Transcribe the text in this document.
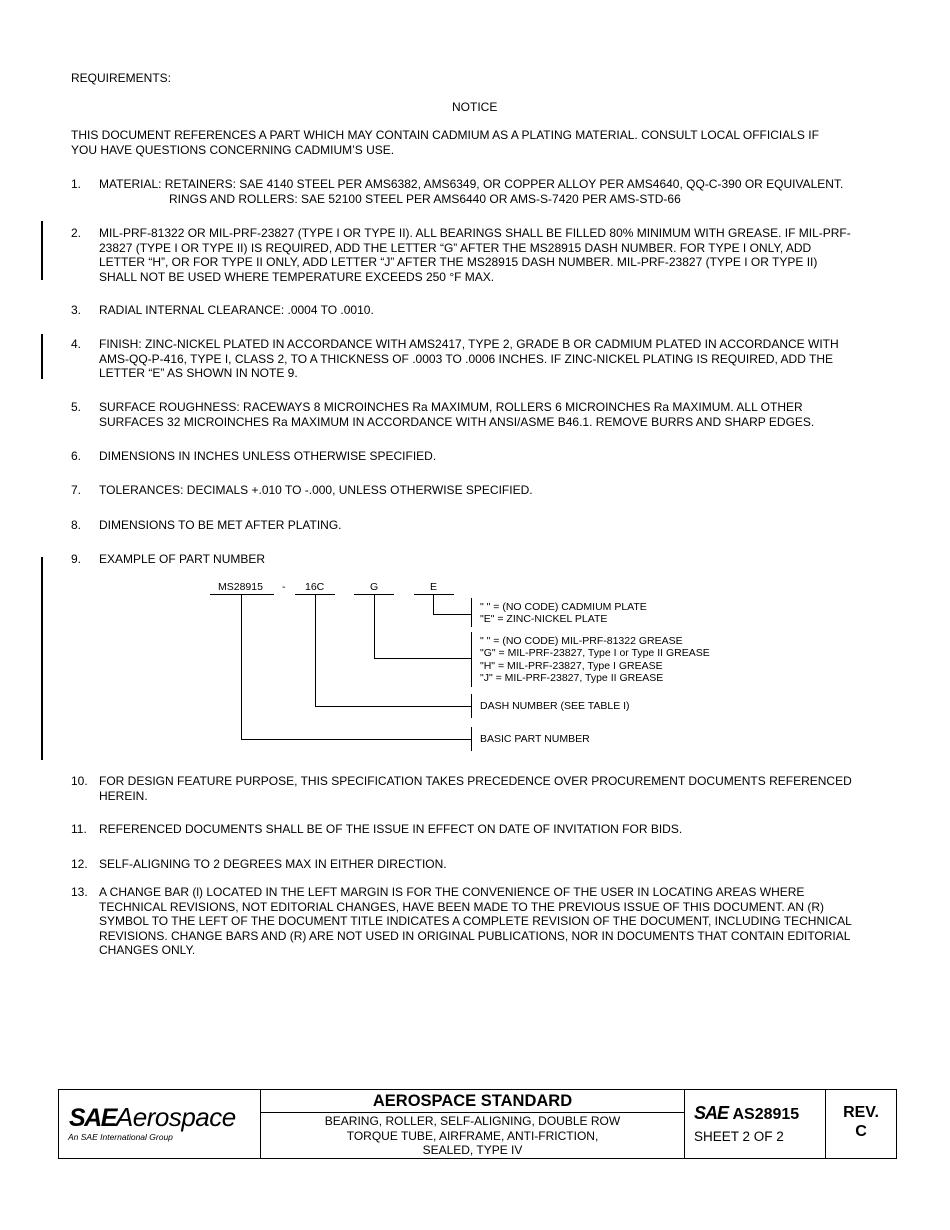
REQUIREMENTS:
NOTICE
THIS DOCUMENT REFERENCES A PART WHICH MAY CONTAIN CADMIUM AS A PLATING MATERIAL. CONSULT LOCAL OFFICIALS IF
YOU HAVE QUESTIONS CONCERNING CADMIUM’S USE.
1. MATERIAL: RETAINERS: SAE 4140 STEEL PER AMS6382, AMS6349, OR COPPER ALLOY PER AMS4640, QQ-C-390 OR EQUIVALENT.
RINGS AND ROLLERS: SAE 52100 STEEL PER AMS6440 OR AMS-S-7420 PER AMS-STD-66
2. MIL-PRF-81322 OR MIL-PRF-23827 (TYPE I OR TYPE II). ALL BEARINGS SHALL BE FILLED 80% MINIMUM WITH GREASE. IF MIL-PRF-
23827 (TYPE I OR TYPE II) IS REQUIRED, ADD THE LETTER “G” AFTER THE MS28915 DASH NUMBER. FOR TYPE I ONLY, ADD
LETTER “H”, OR FOR TYPE II ONLY, ADD LETTER “J” AFTER THE MS28915 DASH NUMBER. MIL-PRF-23827 (TYPE I OR TYPE II)
SHALL NOT BE USED WHERE TEMPERATURE EXCEEDS 250 °F MAX.
3. RADIAL INTERNAL CLEARANCE: .0004 TO .0010.
4. FINISH: ZINC-NICKEL PLATED IN ACCORDANCE WITH AMS2417, TYPE 2, GRADE B OR CADMIUM PLATED IN ACCORDANCE WITH
AMS-QQ-P-416, TYPE I, CLASS 2, TO A THICKNESS OF .0003 TO .0006 INCHES. IF ZINC-NICKEL PLATING IS REQUIRED, ADD THE
LETTER “E” AS SHOWN IN NOTE 9.
5. SURFACE ROUGHNESS: RACEWAYS 8 MICROINCHES Ra MAXIMUM, ROLLERS 6 MICROINCHES Ra MAXIMUM. ALL OTHER
SURFACES 32 MICROINCHES Ra MAXIMUM IN ACCORDANCE WITH ANSI/ASME B46.1. REMOVE BURRS AND SHARP EDGES.
6. DIMENSIONS IN INCHES UNLESS OTHERWISE SPECIFIED.
7. TOLERANCES: DECIMALS +.010 TO -.000, UNLESS OTHERWISE SPECIFIED.
8. DIMENSIONS TO BE MET AFTER PLATING.
9. EXAMPLE OF PART NUMBER
MS28915 - 16C	G	E
" " = (NO CODE) CADMIUM PLATE
"E" = ZINC-NICKEL PLATE
" " = (NO CODE) MIL-PRF-81322 GREASE
"G" = MIL-PRF-23827, Type I or Type II GREASE
"H" = MIL-PRF-23827, Type I GREASE
"J" = MIL-PRF-23827, Type II GREASE
DASH NUMBER (SEE TABLE I)
BASIC PART NUMBER
10. FOR DESIGN FEATURE PURPOSE, THIS SPECIFICATION TAKES PRECEDENCE OVER PROCUREMENT DOCUMENTS REFERENCED
HEREIN.
11. REFERENCED DOCUMENTS SHALL BE OF THE ISSUE IN EFFECT ON DATE OF INVITATION FOR BIDS.
12. SELF-ALIGNING TO 2 DEGREES MAX IN EITHER DIRECTION.
13. A CHANGE BAR (l) LOCATED IN THE LEFT MARGIN IS FOR THE CONVENIENCE OF THE USER IN LOCATING AREAS WHERE
TECHNICAL REVISIONS, NOT EDITORIAL CHANGES, HAVE BEEN MADE TO THE PREVIOUS ISSUE OF THIS DOCUMENT. AN (R)
SYMBOL TO THE LEFT OF THE DOCUMENT TITLE INDICATES A COMPLETE REVISION OF THE DOCUMENT, INCLUDING TECHNICAL
REVISIONS. CHANGE BARS AND (R) ARE NOT USED IN ORIGINAL PUBLICATIONS, NOR IN DOCUMENTS THAT CONTAIN EDITORIAL
CHANGES ONLY.
SAEAerospace
An SAE International Group
AEROSPACE STANDARD
BEARING, ROLLER, SELF-ALIGNING, DOUBLE ROW
TORQUE TUBE, AIRFRAME, ANTI-FRICTION,
SEALED, TYPE IV
SAE AS28915
SHEET 2 OF 2
REV.
C
